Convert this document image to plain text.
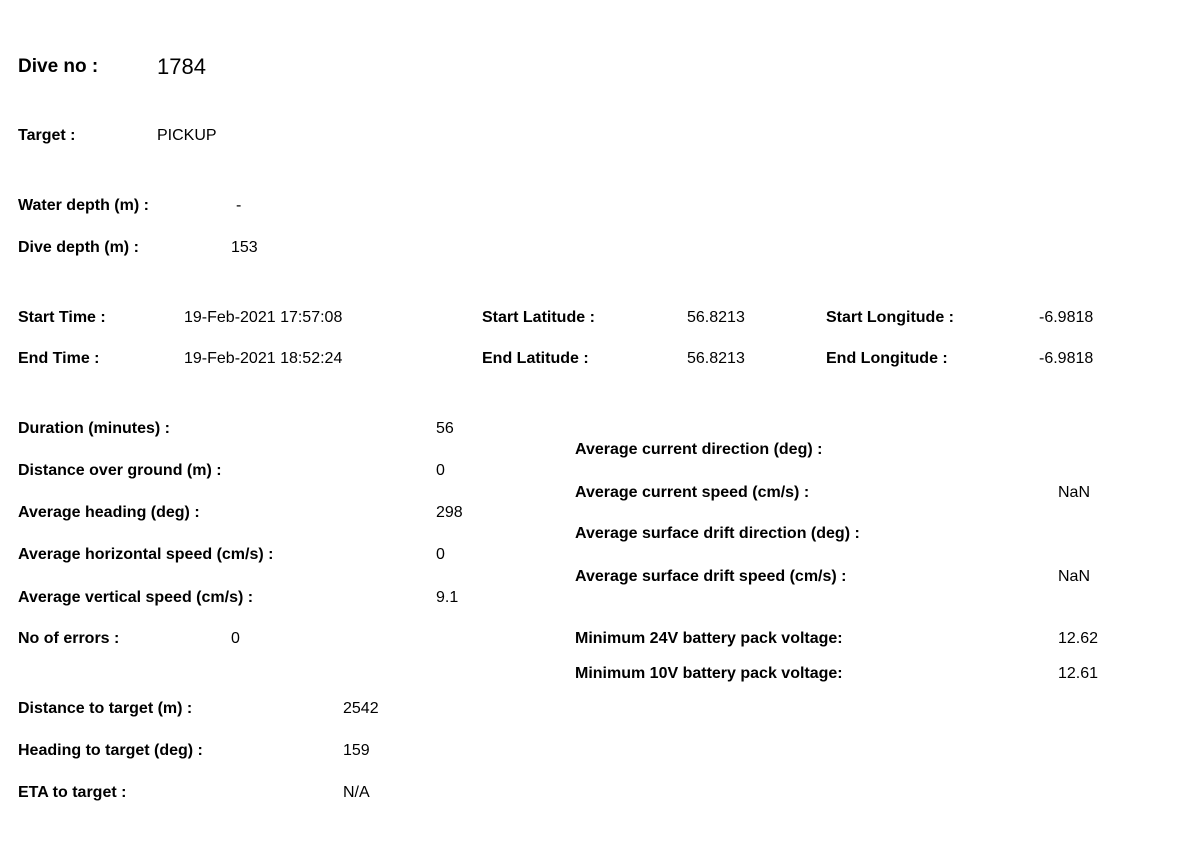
Dive no :	1784
Target :	PICKUP
Water depth (m) :	-
Dive depth (m) :	153
Start Time :	19-Feb-2021 17:57:08	Start Latitude :	56.8213	Start Longitude :	-6.9818
End Time :	19-Feb-2021 18:52:24	End Latitude :	56.8213	End Longitude :	-6.9818
Duration (minutes) :	56
Distance over ground (m) :	0
Average heading (deg) :	298
Average horizontal speed (cm/s) :	0
Average vertical speed (cm/s) :	9.1
No of errors :	0
Average current direction (deg) :
Average current speed (cm/s) :	NaN
Average surface drift direction (deg) :
Average surface drift speed (cm/s) :	NaN
Minimum 24V battery pack voltage:	12.62
Minimum 10V battery pack voltage:	12.61
Distance to target (m) :	2542
Heading to target (deg) :	159
ETA to target :	N/A
